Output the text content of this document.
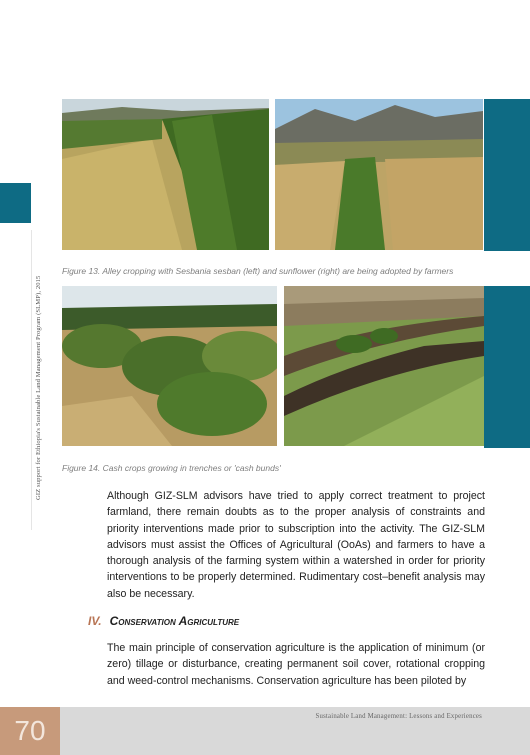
GIZ support for Ethiopia's Sustainable Land Management Program (SLMP), 2015
Figure 13. Alley cropping with Sesbania sesban (left) and sunflower (right) are being adopted by farmers
Figure 14. Cash crops growing in trenches or 'cash bunds'

Although GIZ-SLM advisors have tried to apply correct treatment to project farmland, there remain doubts as to the proper analysis of constraints and priority interventions made prior to subscription into the activity. The GIZ-SLM advisors must assist the Offices of Agricultural (OoAs) and farmers to have a thorough analysis of the farming system within a watershed in order for priority interventions to be properly determined. Rudimentary cost–benefit analysis may also be necessary.

IV. Conservation Agriculture

The main principle of conservation agriculture is the application of minimum (or zero) tillage or disturbance, creating permanent soil cover, rotational cropping and weed-control mechanisms. Conservation agriculture has been piloted by

70	Sustainable Land Management: Lessons and Experiences
